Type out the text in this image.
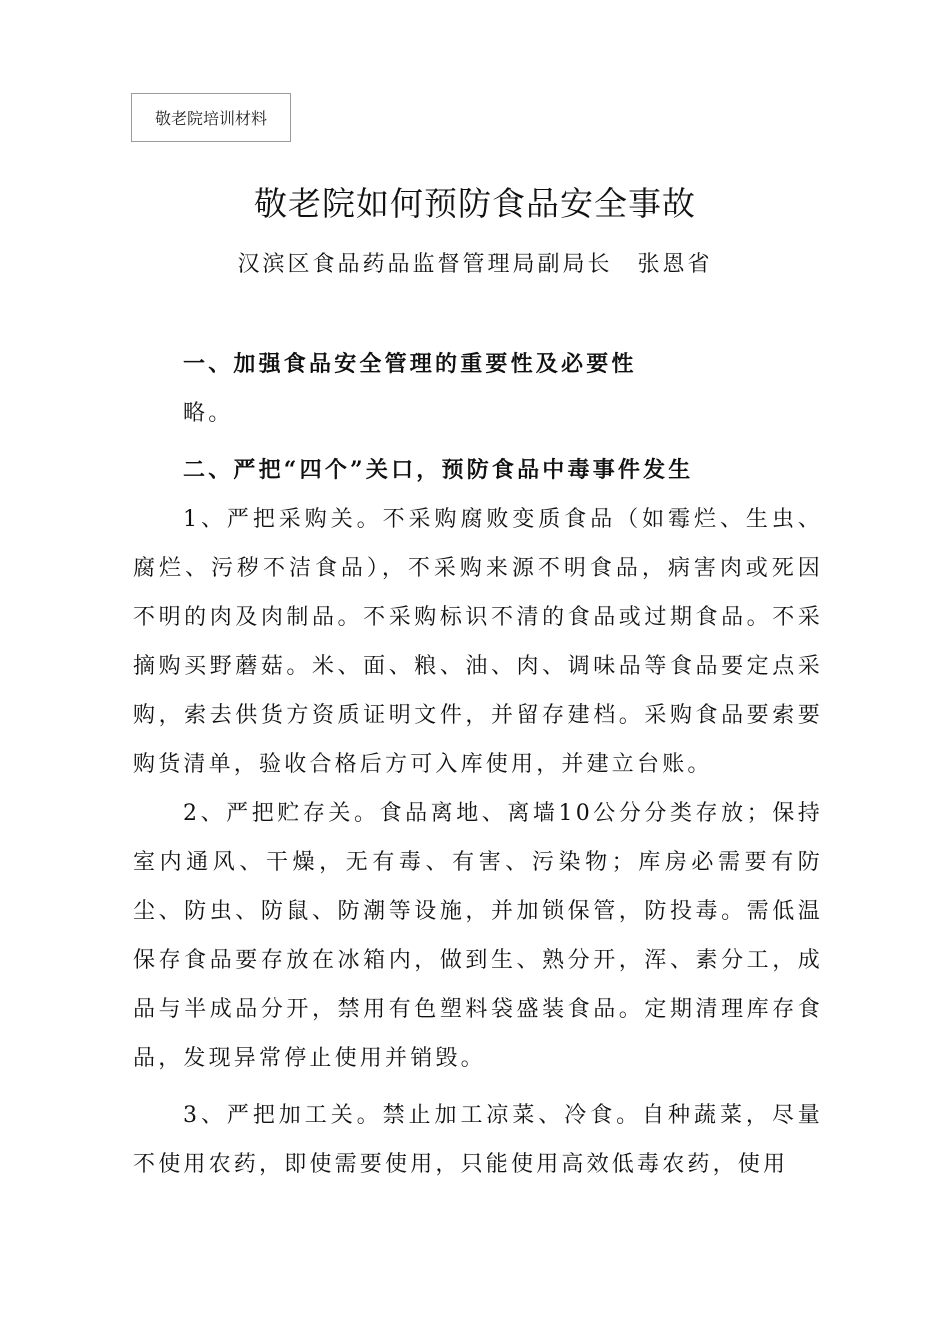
敬老院培训材料
敬老院如何预防食品安全事故
汉滨区食品药品监督管理局副局长　张恩省

一、加强食品安全管理的重要性及必要性

略。

二、严把“四个”关口，预防食品中毒事件发生

1、严把采购关。不采购腐败变质食品（如霉烂、生虫、腐烂、污秽不洁食品），不采购来源不明食品，病害肉或死因不明的肉及肉制品。不采购标识不清的食品或过期食品。不采摘购买野蘑菇。米、面、粮、油、肉、调味品等食品要定点采购，索去供货方资质证明文件，并留存建档。采购食品要索要购货清单，验收合格后方可入库使用，并建立台账。

2、严把贮存关。食品离地、离墙10公分分类存放；保持室内通风、干燥，无有毒、有害、污染物；库房必需要有防尘、防虫、防鼠、防潮等设施，并加锁保管，防投毒。需低温保存食品要存放在冰箱内，做到生、熟分开，浑、素分工，成品与半成品分开，禁用有色塑料袋盛装食品。定期清理库存食品，发现异常停止使用并销毁。

3、严把加工关。禁止加工凉菜、冷食。自种蔬菜，尽量不使用农药，即使需要使用，只能使用高效低毒农药，使用
